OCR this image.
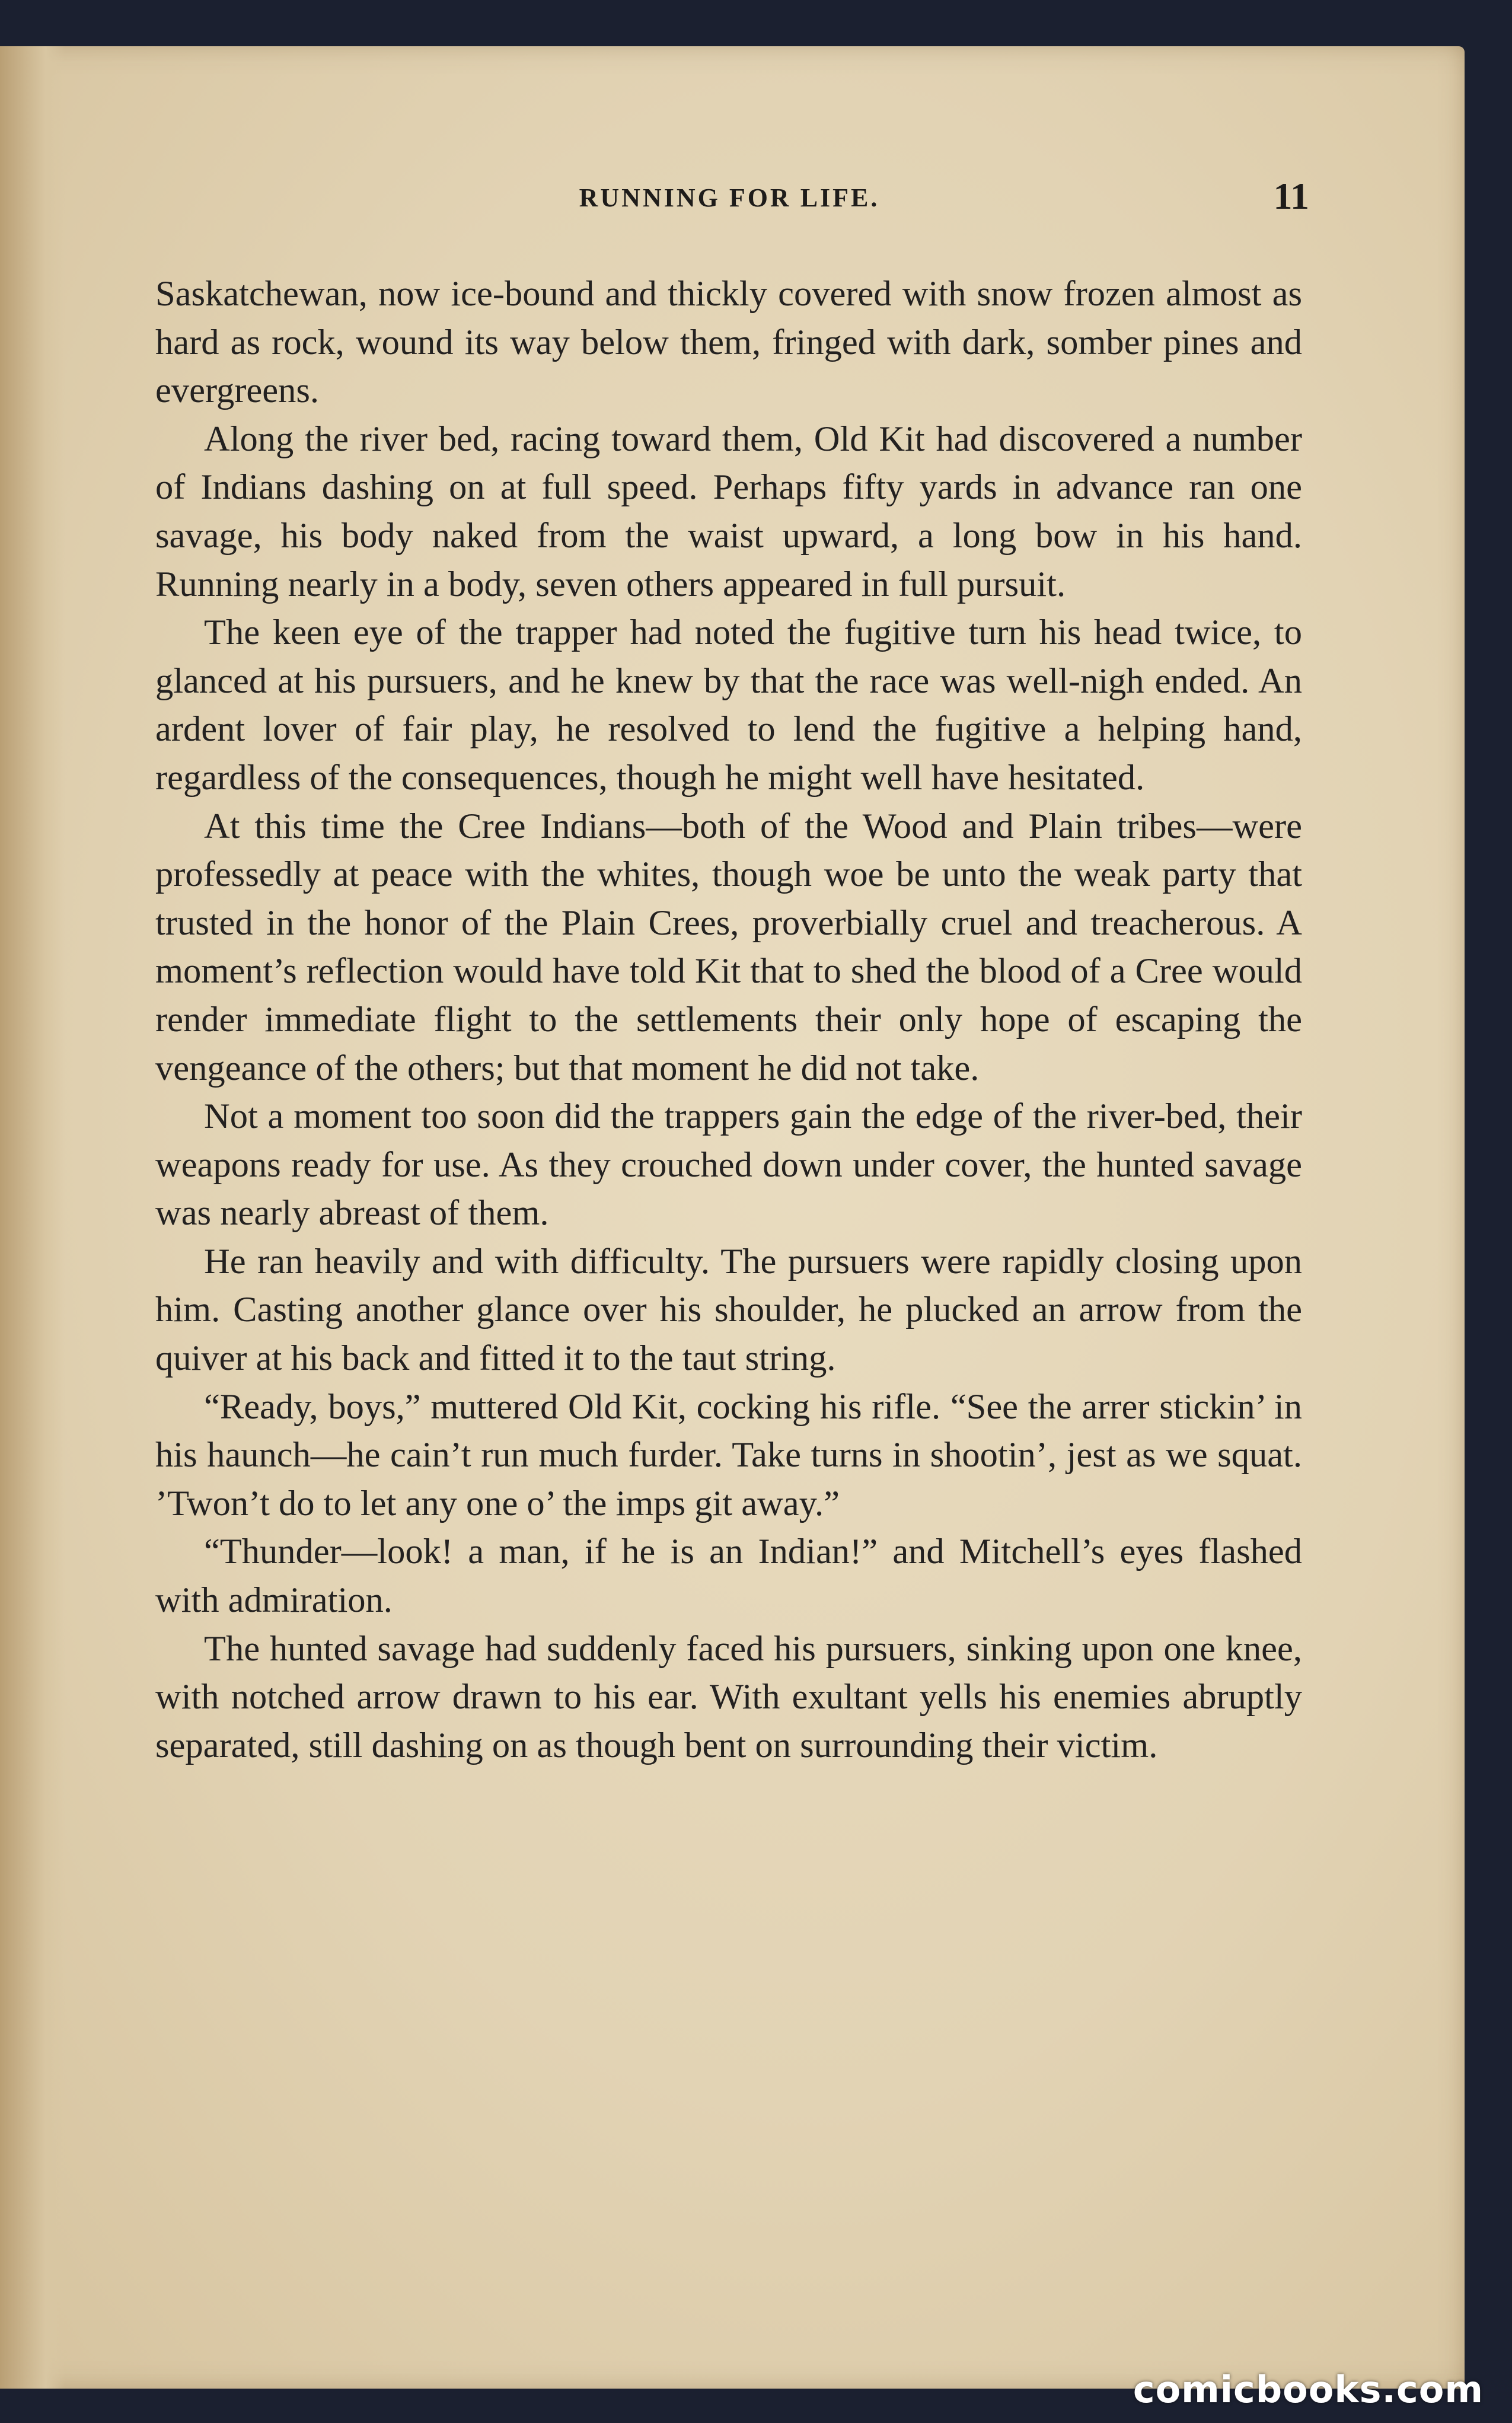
RUNNING FOR LIFE.	11

Saskatchewan, now ice-bound and thickly covered with snow frozen almost as hard as rock, wound its way below them, fringed with dark, somber pines and evergreens.

Along the river bed, racing toward them, Old Kit had discovered a number of Indians dashing on at full speed. Perhaps fifty yards in advance ran one savage, his body naked from the waist upward, a long bow in his hand. Running nearly in a body, seven others appeared in full pursuit.

The keen eye of the trapper had noted the fugitive turn his head twice, to glanced at his pursuers, and he knew by that the race was well-nigh ended. An ardent lover of fair play, he resolved to lend the fugitive a helping hand, regardless of the consequences, though he might well have hesitated.

At this time the Cree Indians—both of the Wood and Plain tribes—were professedly at peace with the whites, though woe be unto the weak party that trusted in the honor of the Plain Crees, proverbially cruel and treacherous. A moment’s reflection would have told Kit that to shed the blood of a Cree would render immediate flight to the settlements their only hope of escaping the vengeance of the others; but that moment he did not take.

Not a moment too soon did the trappers gain the edge of the river-bed, their weapons ready for use. As they crouched down under cover, the hunted savage was nearly abreast of them.

He ran heavily and with difficulty. The pursuers were rapidly closing upon him. Casting another glance over his shoulder, he plucked an arrow from the quiver at his back and fitted it to the taut string.

“Ready, boys,” muttered Old Kit, cocking his rifle. “See the arrer stickin’ in his haunch—he cain’t run much furder. Take turns in shootin’, jest as we squat. ’Twon’t do to let any one o’ the imps git away.”

“Thunder—look! a man, if he is an Indian!” and Mitchell’s eyes flashed with admiration.

The hunted savage had suddenly faced his pursuers, sinking upon one knee, with notched arrow drawn to his ear. With exultant yells his enemies abruptly separated, still dashing on as though bent on surrounding their victim.

comicbooks.com
